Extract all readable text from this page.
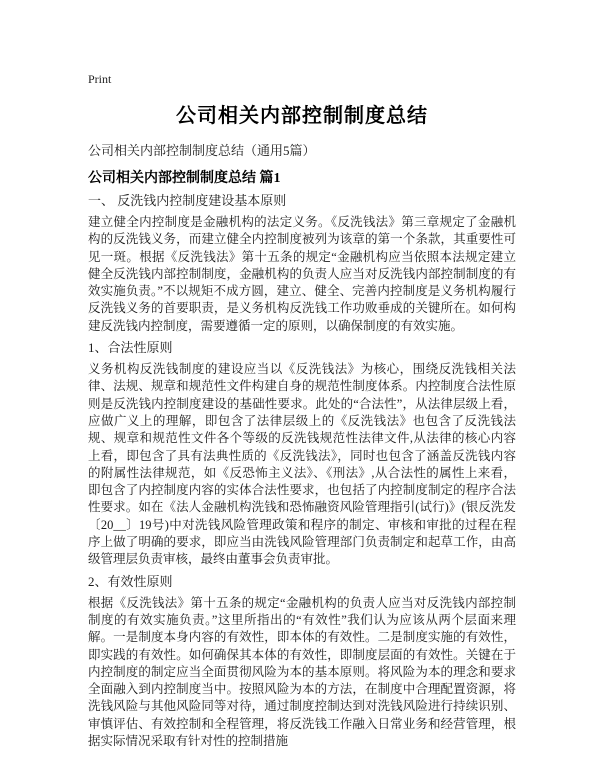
Print
公司相关内部控制制度总结

公司相关内部控制制度总结（通用5篇）

公司相关内部控制制度总结 篇1
一、 反洗钱内控制度建设基本原则

建立健全内控制度是金融机构的法定义务。《反洗钱法》第三章规定了金融机构的反洗钱义务，而建立健全内控制度被列为该章的第一个条款，其重要性可见一斑。根据《反洗钱法》第十五条的规定“金融机构应当依照本法规定建立健全反洗钱内部控制制度，金融机构的负责人应当对反洗钱内部控制制度的有效实施负责。”不以规矩不成方圆，建立、健全、完善内控制度是义务机构履行反洗钱义务的首要职责，是义务机构反洗钱工作功败垂成的关键所在。如何构建反洗钱内控制度，需要遵循一定的原则，以确保制度的有效实施。

1、合法性原则

义务机构反洗钱制度的建设应当以《反洗钱法》为核心，围绕反洗钱相关法律、法规、规章和规范性文件构建自身的规范性制度体系。内控制度合法性原则是反洗钱内控制度建设的基础性要求。此处的“合法性”，从法律层级上看，应做广义上的理解，即包含了法律层级上的《反洗钱法》也包含了反洗钱法规、规章和规范性文件各个等级的反洗钱规范性法律文件,从法律的核心内容上看，即包含了具有法典性质的《反洗钱法》，同时也包含了涵盖反洗钱内容的附属性法律规范，如《反恐怖主义法》、《刑法》,从合法性的属性上来看，即包含了内控制度内容的实体合法性要求，也包括了内控制度制定的程序合法性要求。如在《法人金融机构洗钱和恐怖融资风险管理指引(试行)》(银反洗发〔20__〕19号)中对洗钱风险管理政策和程序的制定、审核和审批的过程在程序上做了明确的要求，即应当由洗钱风险管理部门负责制定和起草工作，由高级管理层负责审核，最终由董事会负责审批。

2、有效性原则

根据《反洗钱法》第十五条的规定“金融机构的负责人应当对反洗钱内部控制制度的有效实施负责。”这里所指出的“有效性”我们认为应该从两个层面来理解。一是制度本身内容的有效性，即本体的有效性。二是制度实施的有效性，即实践的有效性。如何确保其本体的有效性，即制度层面的有效性。关键在于内控制度的制定应当全面贯彻风险为本的基本原则。将风险为本的理念和要求全面融入到内控制度当中。按照风险为本的方法，在制度中合理配置资源，将洗钱风险与其他风险同等对待，通过制度控制达到对洗钱风险进行持续识别、审慎评估、有效控制和全程管理，将反洗钱工作融入日常业务和经营管理，根据实际情况采取有针对性的控制措施
